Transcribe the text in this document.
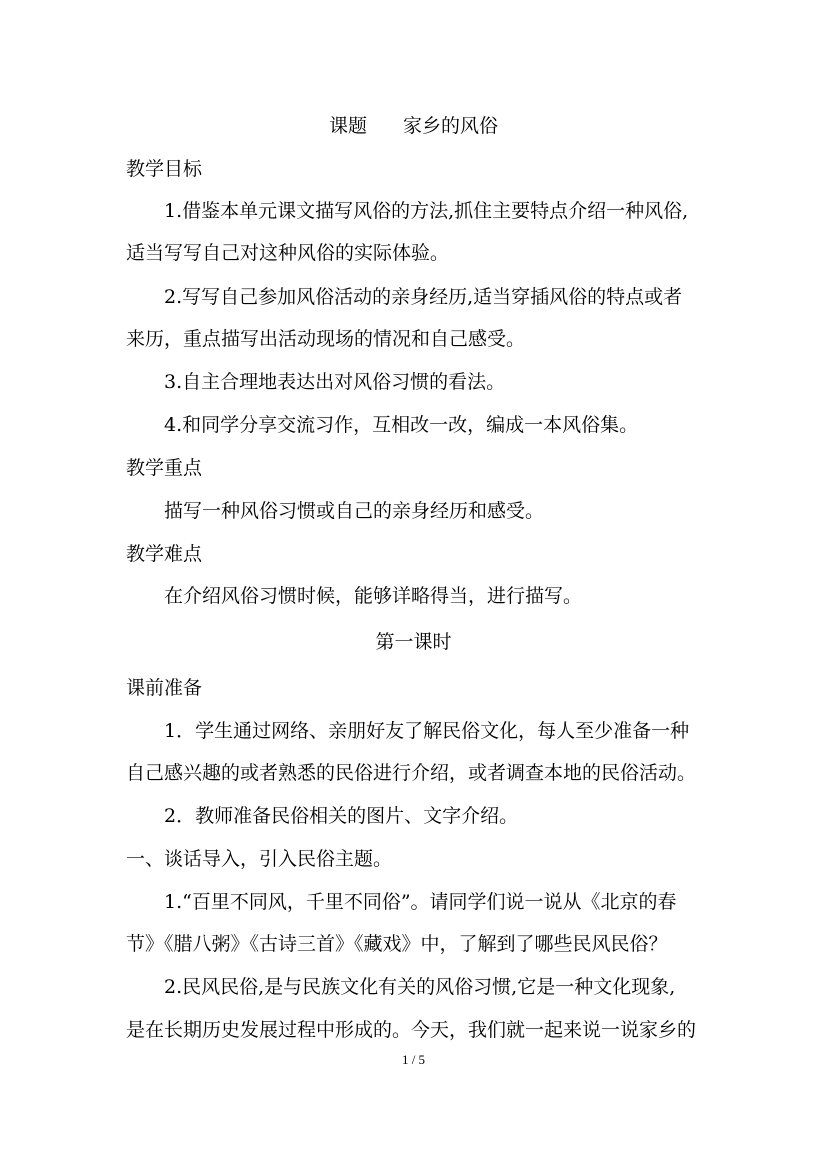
课题 家乡的风俗
教学目标
1.借鉴本单元课文描写风俗的方法,抓住主要特点介绍一种风俗,
适当写写自己对这种风俗的实际体验。
2.写写自己参加风俗活动的亲身经历,适当穿插风俗的特点或者
来历，重点描写出活动现场的情况和自己感受。
3.自主合理地表达出对风俗习惯的看法。
4.和同学分享交流习作，互相改一改，编成一本风俗集。
教学重点
描写一种风俗习惯或自己的亲身经历和感受。
教学难点
在介绍风俗习惯时候，能够详略得当，进行描写。
第一课时
课前准备
1．学生通过网络、亲朋好友了解民俗文化，每人至少准备一种
自己感兴趣的或者熟悉的民俗进行介绍，或者调查本地的民俗活动。
2．教师准备民俗相关的图片、文字介绍。
一、谈话导入，引入民俗主题。
1.“百里不同风，千里不同俗”。请同学们说一说从《北京的春
节》《腊八粥》《古诗三首》《藏戏》中，了解到了哪些民风民俗？
2.民风民俗,是与民族文化有关的风俗习惯,它是一种文化现象,
是在长期历史发展过程中形成的。今天，我们就一起来说一说家乡的
1 / 5
